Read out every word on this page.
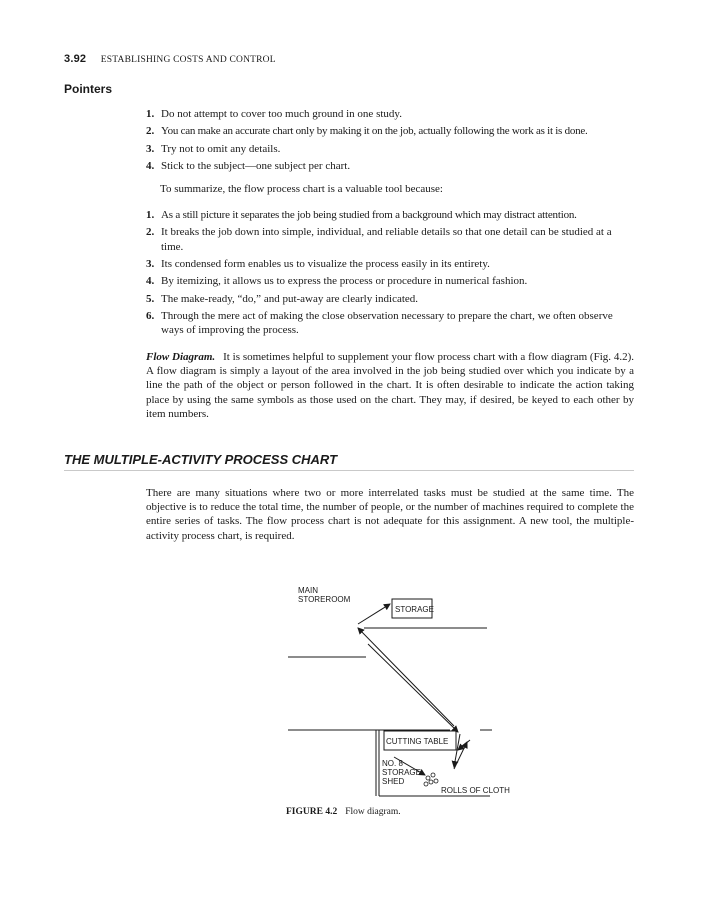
3.92 ESTABLISHING COSTS AND CONTROL
Pointers
1. Do not attempt to cover too much ground in one study.
2. You can make an accurate chart only by making it on the job, actually following the work as it is done.
3. Try not to omit any details.
4. Stick to the subject—one subject per chart.

To summarize, the flow process chart is a valuable tool because:

1. As a still picture it separates the job being studied from a background which may distract attention.
2. It breaks the job down into simple, individual, and reliable details so that one detail can be studied at a time.
3. Its condensed form enables us to visualize the process easily in its entirety.
4. By itemizing, it allows us to express the process or procedure in numerical fashion.
5. The make-ready, “do,” and put-away are clearly indicated.
6. Through the mere act of making the close observation necessary to prepare the chart, we often observe ways of improving the process.

Flow Diagram. It is sometimes helpful to supplement your flow process chart with a flow diagram (Fig. 4.2). A flow diagram is simply a layout of the area involved in the job being studied over which you indicate by a line the path of the object or person followed in the chart. It is often desirable to indicate the action taking place by using the same symbols as those used on the chart. They may, if desired, be keyed to each other by item numbers.

THE MULTIPLE-ACTIVITY PROCESS CHART

There are many situations where two or more interrelated tasks must be studied at the same time. The objective is to reduce the total time, the number of people, or the number of machines required to complete the entire series of tasks. The flow process chart is not adequate for this assignment. A new tool, the multiple-activity process chart, is required.

MAIN
STOREROOM
STORAGE
CUTTING TABLE
NO. 8
STORAGE
SHED
ROLLS OF CLOTH
FIGURE 4.2 Flow diagram.
